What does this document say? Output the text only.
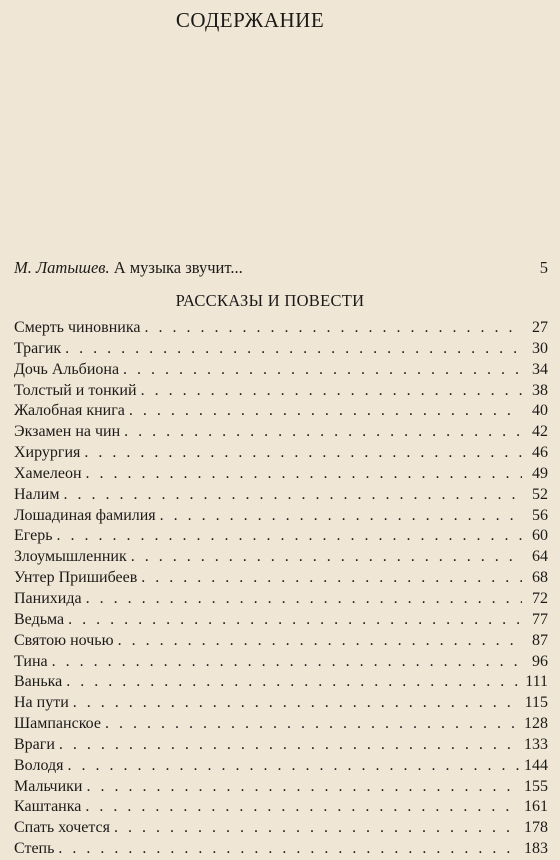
СОДЕРЖАНИЕ
М. Латышев. А музыка звучит...	5
РАССКАЗЫ И ПОВЕСТИ
Смерть чиновника . . .	27
Трагик . . .	30
Дочь Альбиона . . .	34
Толстый и тонкий . . .	38
Жалобная книга . . .	40
Экзамен на чин . . .	42
Хирургия . . .	46
Хамелеон . . .	49
Налим . . .	52
Лошадиная фамилия . . .	56
Егерь . . .	60
Злоумышленник . . .	64
Унтер Пришибеев . . .	68
Панихида . . .	72
Ведьма . . .	77
Святою ночью . . .	87
Тина . . .	96
Ванька . . .	111
На пути . . .	115
Шампанское . . .	128
Враги . . .	133
Володя . . .	144
Мальчики . . .	155
Каштанка . . .	161
Спать хочется . . .	178
Степь . . .	183
